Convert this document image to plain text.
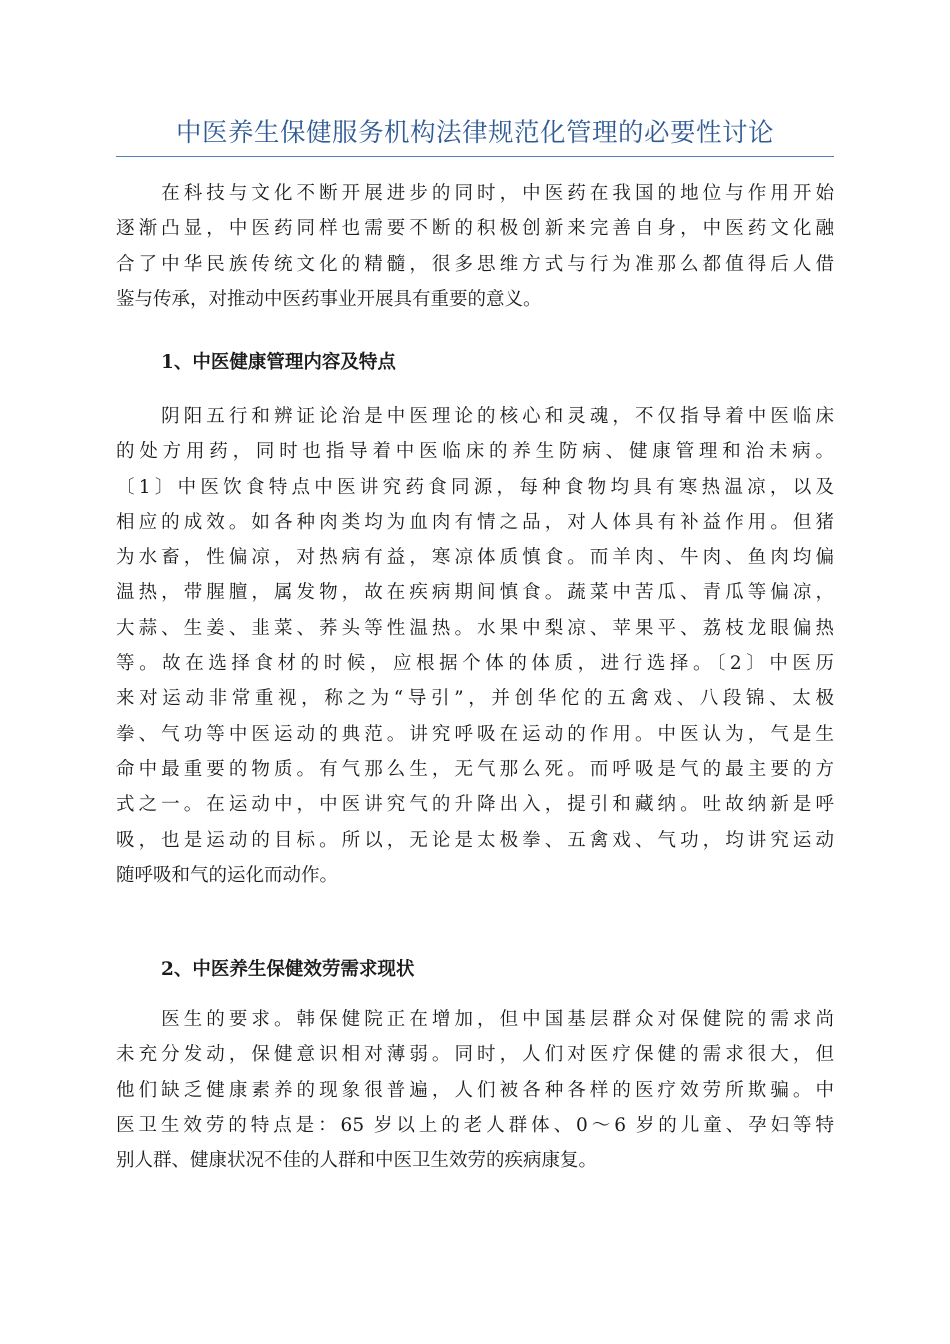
中医养生保健服务机构法律规范化管理的必要性讨论

　　在科技与文化不断开展进步的同时，中医药在我国的地位与作用开始
逐渐凸显，中医药同样也需要不断的积极创新来完善自身，中医药文化融
合了中华民族传统文化的精髓，很多思维方式与行为准那么都值得后人借
鉴与传承，对推动中医药事业开展具有重要的意义。

1、中医健康管理内容及特点

　　阴阳五行和辨证论治是中医理论的核心和灵魂，不仅指导着中医临床
的处方用药，同时也指导着中医临床的养生防病、健康管理和治未病。
〔1〕中医饮食特点中医讲究药食同源，每种食物均具有寒热温凉，以及
相应的成效。如各种肉类均为血肉有情之品，对人体具有补益作用。但猪
为水畜，性偏凉，对热病有益，寒凉体质慎食。而羊肉、牛肉、鱼肉均偏
温热，带腥膻，属发物，故在疾病期间慎食。蔬菜中苦瓜、青瓜等偏凉，
大蒜、生姜、韭菜、荞头等性温热。水果中梨凉、苹果平、荔枝龙眼偏热
等。故在选择食材的时候，应根据个体的体质，进行选择。〔2〕中医历
来对运动非常重视，称之为“导引”，并创华佗的五禽戏、八段锦、太极
拳、气功等中医运动的典范。讲究呼吸在运动的作用。中医认为，气是生
命中最重要的物质。有气那么生，无气那么死。而呼吸是气的最主要的方
式之一。在运动中，中医讲究气的升降出入，提引和藏纳。吐故纳新是呼
吸，也是运动的目标。所以，无论是太极拳、五禽戏、气功，均讲究运动
随呼吸和气的运化而动作。

2、中医养生保健效劳需求现状

　　医生的要求。韩保健院正在增加，但中国基层群众对保健院的需求尚
未充分发动，保健意识相对薄弱。同时，人们对医疗保健的需求很大，但
他们缺乏健康素养的现象很普遍，人们被各种各样的医疗效劳所欺骗。中
医卫生效劳的特点是：65 岁以上的老人群体、0～6 岁的儿童、孕妇等特
别人群、健康状况不佳的人群和中医卫生效劳的疾病康复。
